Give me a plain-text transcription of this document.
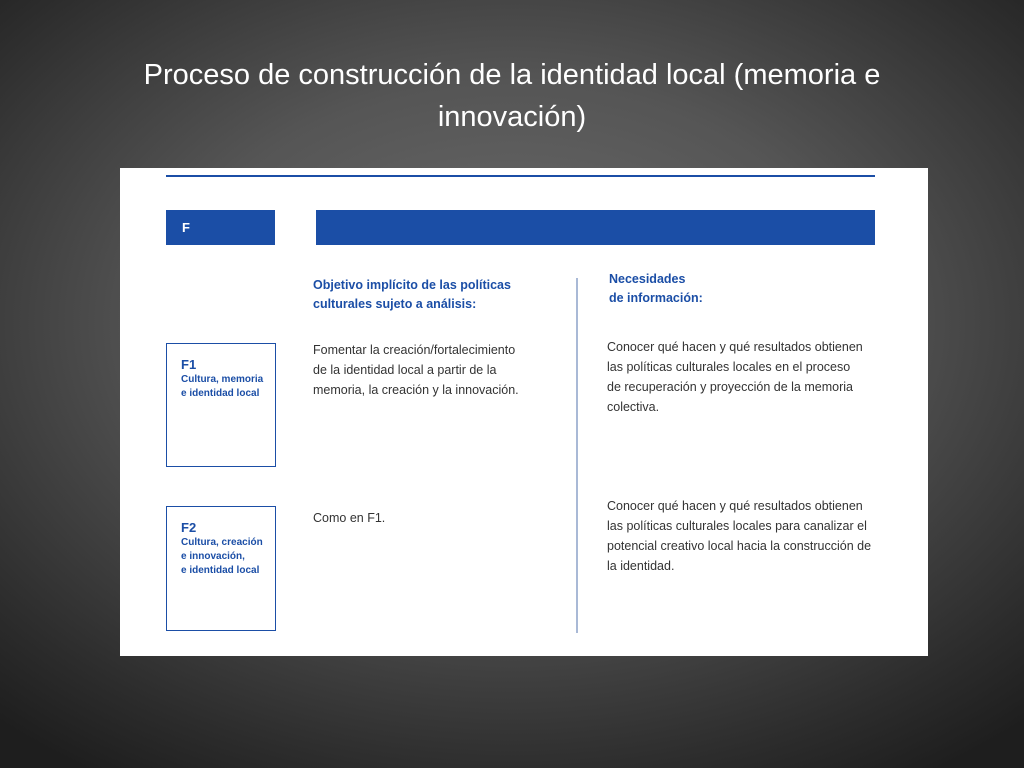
Proceso de construcción de la identidad local (memoria e
innovación)
F
Objetivo implícito de las políticas
culturales sujeto a análisis:
Necesidades
de información:
F1
Cultura, memoria
e identidad local
Fomentar la creación/fortalecimiento
de la identidad local a partir de la
memoria, la creación y la innovación.
Conocer qué hacen y qué resultados obtienen
las políticas culturales locales en el proceso
de recuperación y proyección de la memoria
colectiva.
F2
Cultura, creación
e innovación,
e identidad local
Como en F1.
Conocer qué hacen y qué resultados obtienen
las políticas culturales locales para canalizar el
potencial creativo local hacia la construcción de
la identidad.
